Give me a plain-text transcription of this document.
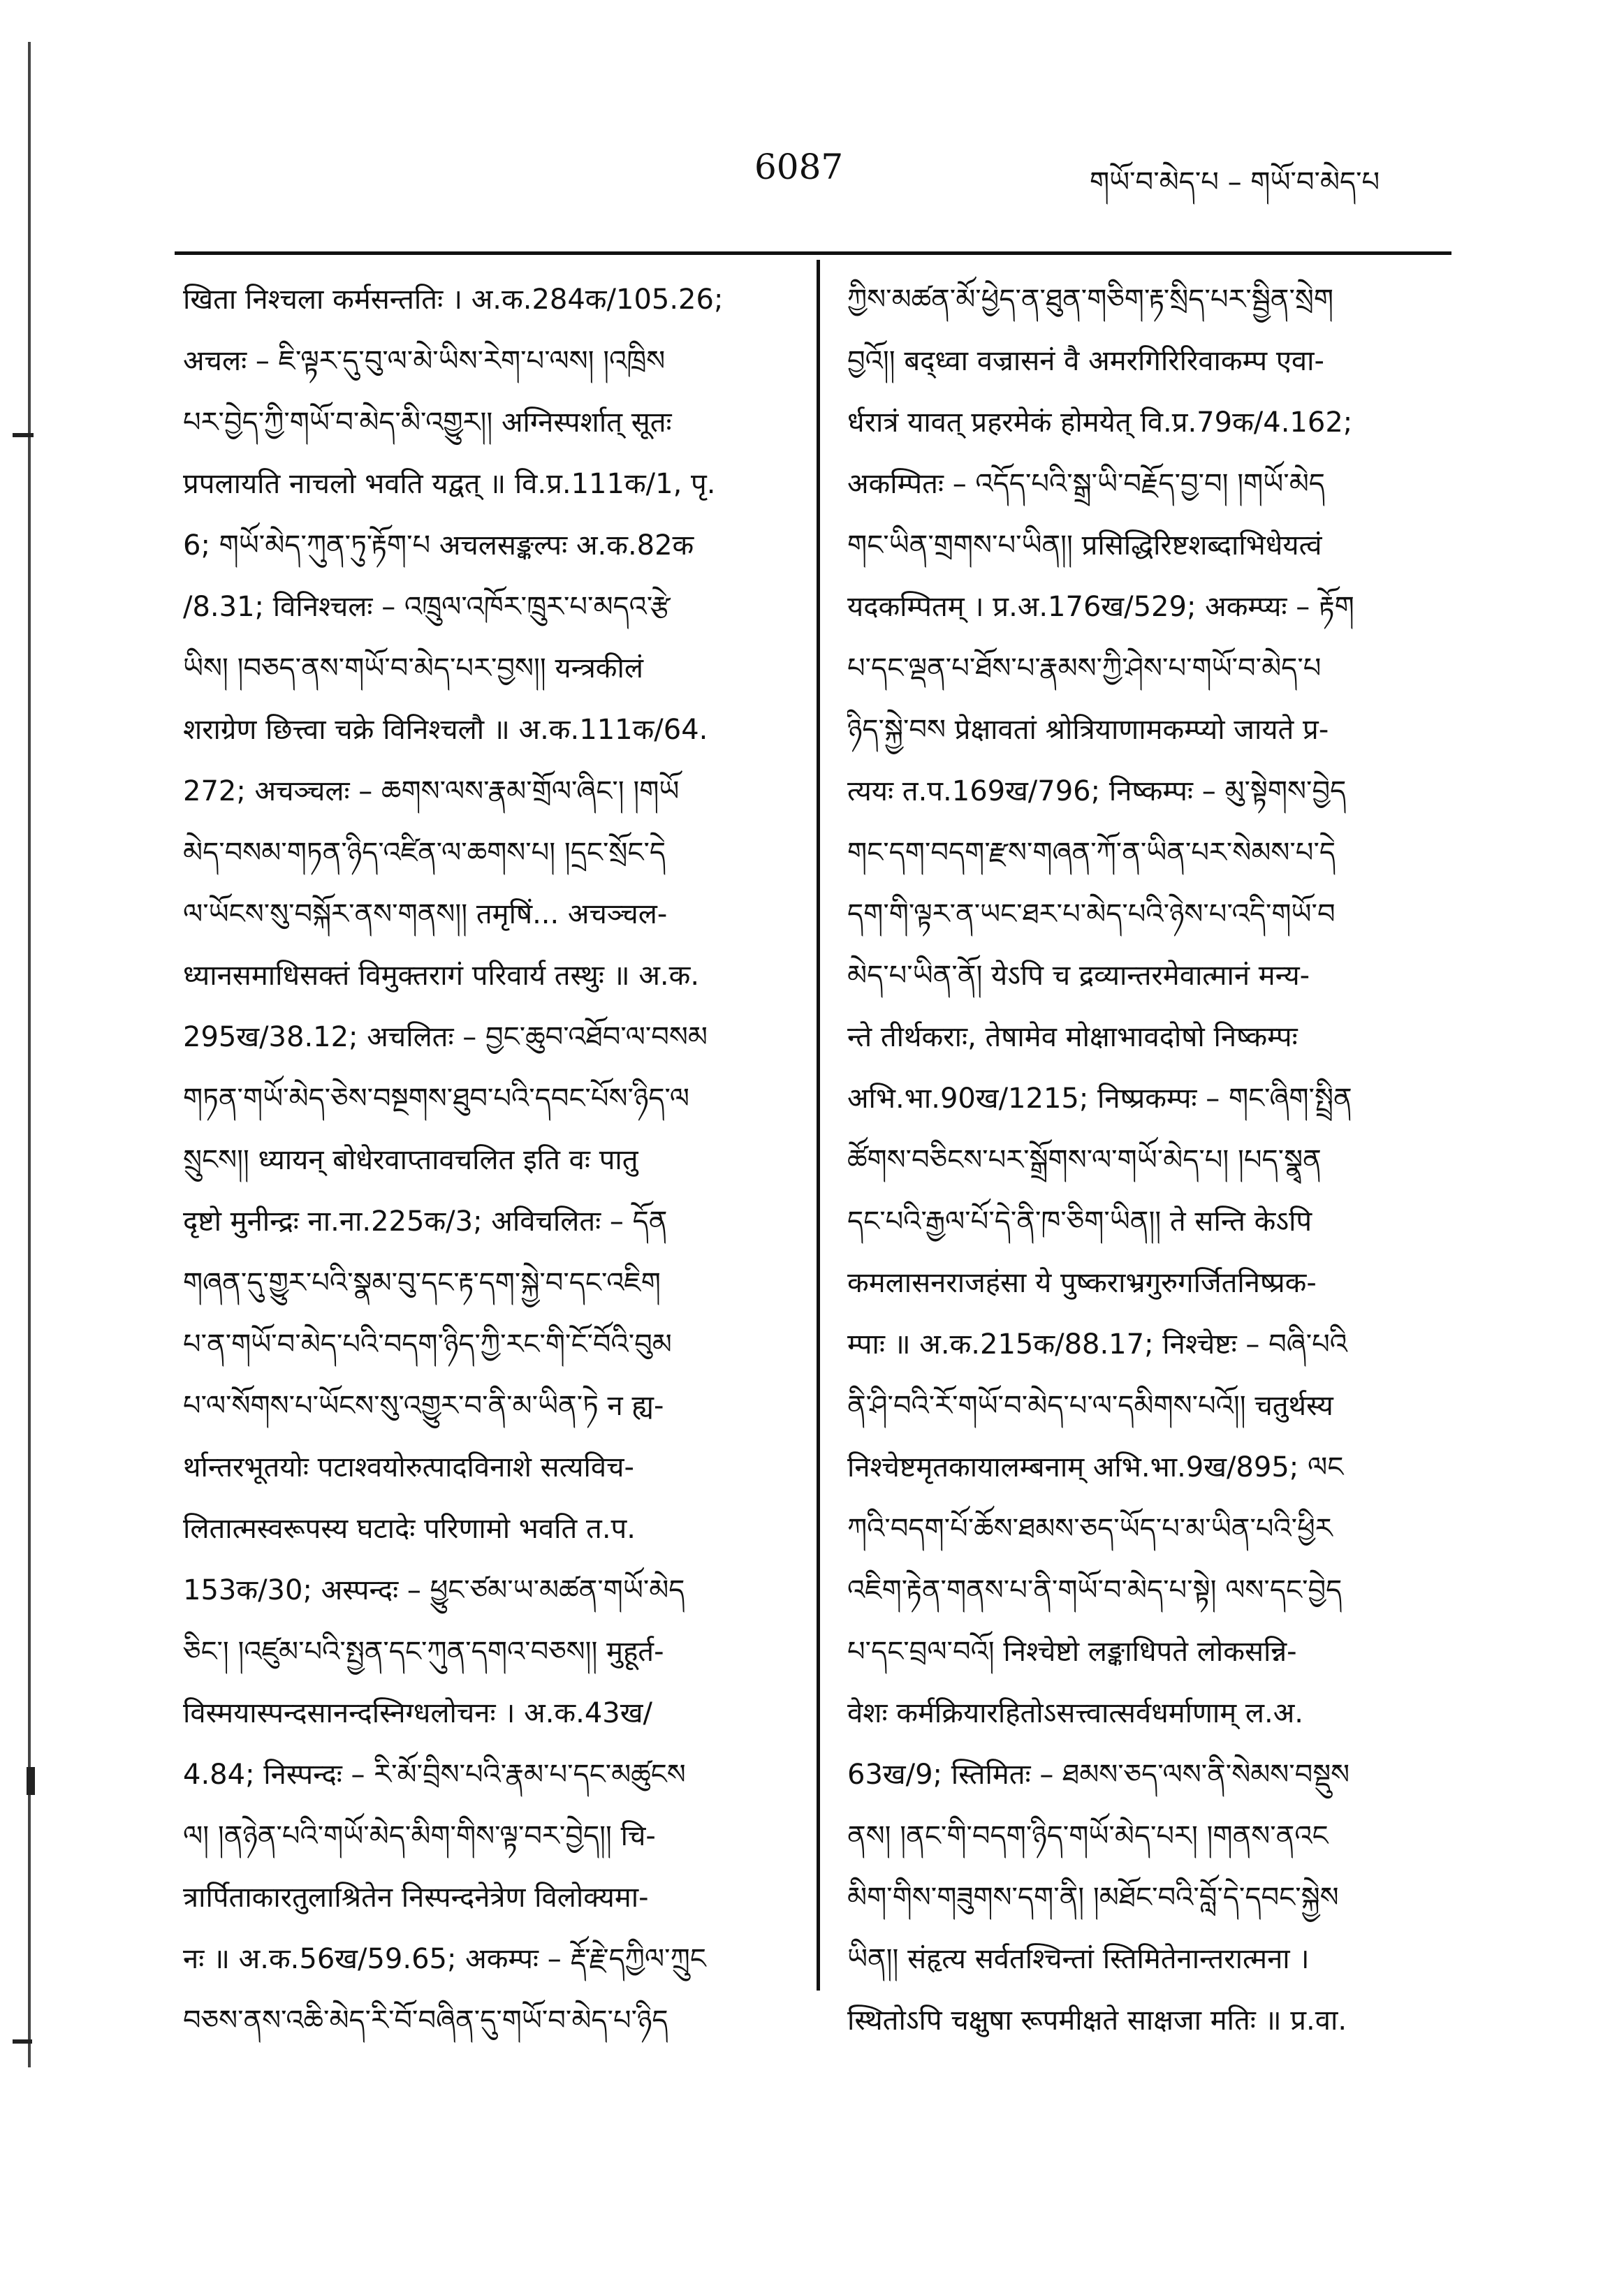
6087	གཡོ་བ་མེད་པ – གཡོ་བ་མེད་པ
खिता निश्चला कर्मसन्ततिः । अ.क.284क/105.26;
अचलः – ཇི་ལྟར་དུ་བུ་ལ་མེ་ཡིས་རེག་པ་ལས། །འཁྲིས
པར་བྱེད་ཀྱི་གཡོ་བ་མེད་མི་འགྱུར།། अग्निस्पर्शात् सूतः
प्रपलायति नाचलो भवति यद्वत् ॥ वि.प्र.111क/1, पृ.
6; གཡོ་མེད་ཀུན་ཏུ་རྟོག་པ अचलसङ्कल्पः अ.क.82क
/8.31; विनिश्चलः – འཁྲུལ་འཁོར་ཁྲུར་པ་མདའ་རྩེ
ཡིས། །བཅད་ནས་གཡོ་བ་མེད་པར་བྱས།། यन्त्रकीलं
शराग्रेण छित्त्वा चक्रे विनिश्चलौ ॥ अ.क.111क/64.
272; अचञ्चलः – ཆགས་ལས་རྣམ་གྲོལ་ཞིང་། །གཡོ
མེད་བསམ་གཏན་ཉིད་འཛིན་ལ་ཆགས་པ། །དྲང་སྲོང་དེ
ལ་ཡོངས་སུ་བསྐོར་ནས་གནས།། तमृषिं... अचञ्चल-
ध्यानसमाधिसक्तं विमुक्तरागं परिवार्य तस्थुः ॥ अ.क.
295ख/38.12; अचलितः – བྱང་ཆུབ་འཐོབ་ལ་བསམ
གཏན་གཡོ་མེད་ཅེས་བསྔགས་ཐུབ་པའི་དབང་པོས་ཉིད་ལ
སྲུངས།། ध्यायन् बोधेरवाप्तावचलित इति वः पातु
दृष्टो मुनीन्द्रः ना.ना.225क/3; अविचलितः – དོན
གཞན་དུ་གྱུར་པའི་སྣམ་བུ་དང་རྟ་དག་སྐྱེ་བ་དང་འཇིག
པ་ན་གཡོ་བ་མེད་པའི་བདག་ཉིད་ཀྱི་རང་གི་ངོ་བོའི་བུམ
པ་ལ་སོགས་པ་ཡོངས་སུ་འགྱུར་བ་ནི་མ་ཡིན་ཏེ न ह्य-
र्थान्तरभूतयोः पटाश्वयोरुत्पादविनाशे सत्यविच-
लितात्मस्वरूपस्य घटादेः परिणामो भवति त.प.
153क/30; अस्पन्दः – ཕྱུང་ཙམ་ཡ་མཚན་གཡོ་མེད
ཅིང་། །འཛུམ་པའི་སྤྱན་དང་ཀུན་དགའ་བཅས།། मुहूर्त-
विस्मयास्पन्दसानन्दस्निग्धलोचनः । अ.क.43ख/
4.84; निस्पन्दः – རི་མོ་བྲིས་པའི་རྣམ་པ་དང་མཚུངས
ལ། །ནཉེན་པའི་གཡོ་མེད་མིག་གིས་ལྟ་བར་བྱེད།། चि-
त्रार्पिताकारतुलाश्रितेन निस्पन्दनेत्रेण विलोक्यमा-
नः ॥ अ.क.56ख/59.65; अकम्पः – རྡོ་རྗེ་དཀྱིལ་ཀྲུང
བཅས་ནས་འཆི་མེད་རི་བོ་བཞིན་དུ་གཡོ་བ་མེད་པ་ཉིད
ཀྱིས་མཚན་མོ་ཕྱེད་ན་ཐུན་གཅིག་རྟ་སྲིད་པར་སྦྱིན་སྲེག
བྱའོ།། बद्ध्वा वज्रासनं वै अमरगिरिरिवाकम्प एवा-
र्धरात्रं यावत् प्रहरमेकं होमयेत् वि.प्र.79क/4.162;
अकम्पितः – འདོད་པའི་སྒྲ་ཡི་བརྗོད་བྱ་བ། །གཡོ་མེད
གང་ཡིན་གྲགས་པ་ཡིན།། प्रसिद्धिरिष्टशब्दाभिधेयत्वं
यदकम्पितम् । प्र.अ.176ख/529; अकम्प्यः – རྟོག
པ་དང་ལྡན་པ་ཐོས་པ་རྣམས་ཀྱི་ཤེས་པ་གཡོ་བ་མེད་པ
ཉིད་སྐྱེ་བས प्रेक्षावतां श्रोत्रियाणामकम्प्यो जायते प्र-
त्ययः त.प.169ख/796; निष्कम्पः – མུ་སྟེགས་བྱེད
གང་དག་བདག་རྫས་གཞན་ཀོ་ན་ཡིན་པར་སེམས་པ་དེ
དག་གི་ལྟར་ན་ཡང་ཐར་པ་མེད་པའི་ཉེས་པ་འདི་གཡོ་བ
མེད་པ་ཡིན་ནོ། येऽपि च द्रव्यान्तरमेवात्मानं मन्य-
न्ते तीर्थकराः, तेषामेव मोक्षाभावदोषो निष्कम्पः
अभि.भा.90ख/1215; निष्प्रकम्पः – གང་ཞིག་སྤྲིན
ཚོགས་བཅིངས་པར་སྒྲོགས་ལ་གཡོ་མེད་པ། །པད་སྣྭན
དང་པའི་རྒྱལ་པོ་དེ་ནི་ཁ་ཅིག་ཡིན།། ते सन्ति केऽपि
कमलासनराजहंसा ये पुष्कराभ्रगुरुगर्जितनिष्प्रक-
म्पाः ॥ अ.क.215क/88.17; निश्चेष्टः – བཞི་པའི
ནི་ཤི་བའི་རོ་གཡོ་བ་མེད་པ་ལ་དམིགས་པའོ།། चतुर्थस्य
निश्चेष्टमृतकायालम्बनाम् अभि.भा.9ख/895; ལང
ཀའི་བདག་པོ་ཆོས་ཐམས་ཅད་ཡོད་པ་མ་ཡིན་པའི་ཕྱིར
འཇིག་རྟེན་གནས་པ་ནི་གཡོ་བ་མེད་པ་སྟེ། ལས་དང་བྱེད
པ་དང་བྲལ་བའོ། निश्चेष्टो लङ्काधिपते लोकसन्नि-
वेशः कर्मक्रियारहितोऽसत्त्वात्सर्वधर्माणाम् ल.अ.
63ख/9; स्तिमितः – ཐམས་ཅད་ལས་ནི་སེམས་བསྡུས
ནས། །ནང་གི་བདག་ཉིད་གཡོ་མེད་པར། །གནས་ནའང
མིག་གིས་གཟུགས་དག་ནི། །མཐོང་བའི་བློ་དེ་དབང་སྐྱེས
ཡིན།། संहृत्य सर्वतश्चिन्तां स्तिमितेनान्तरात्मना ।
स्थितोऽपि चक्षुषा रूपमीक्षते साक्षजा मतिः ॥ प्र.वा.
